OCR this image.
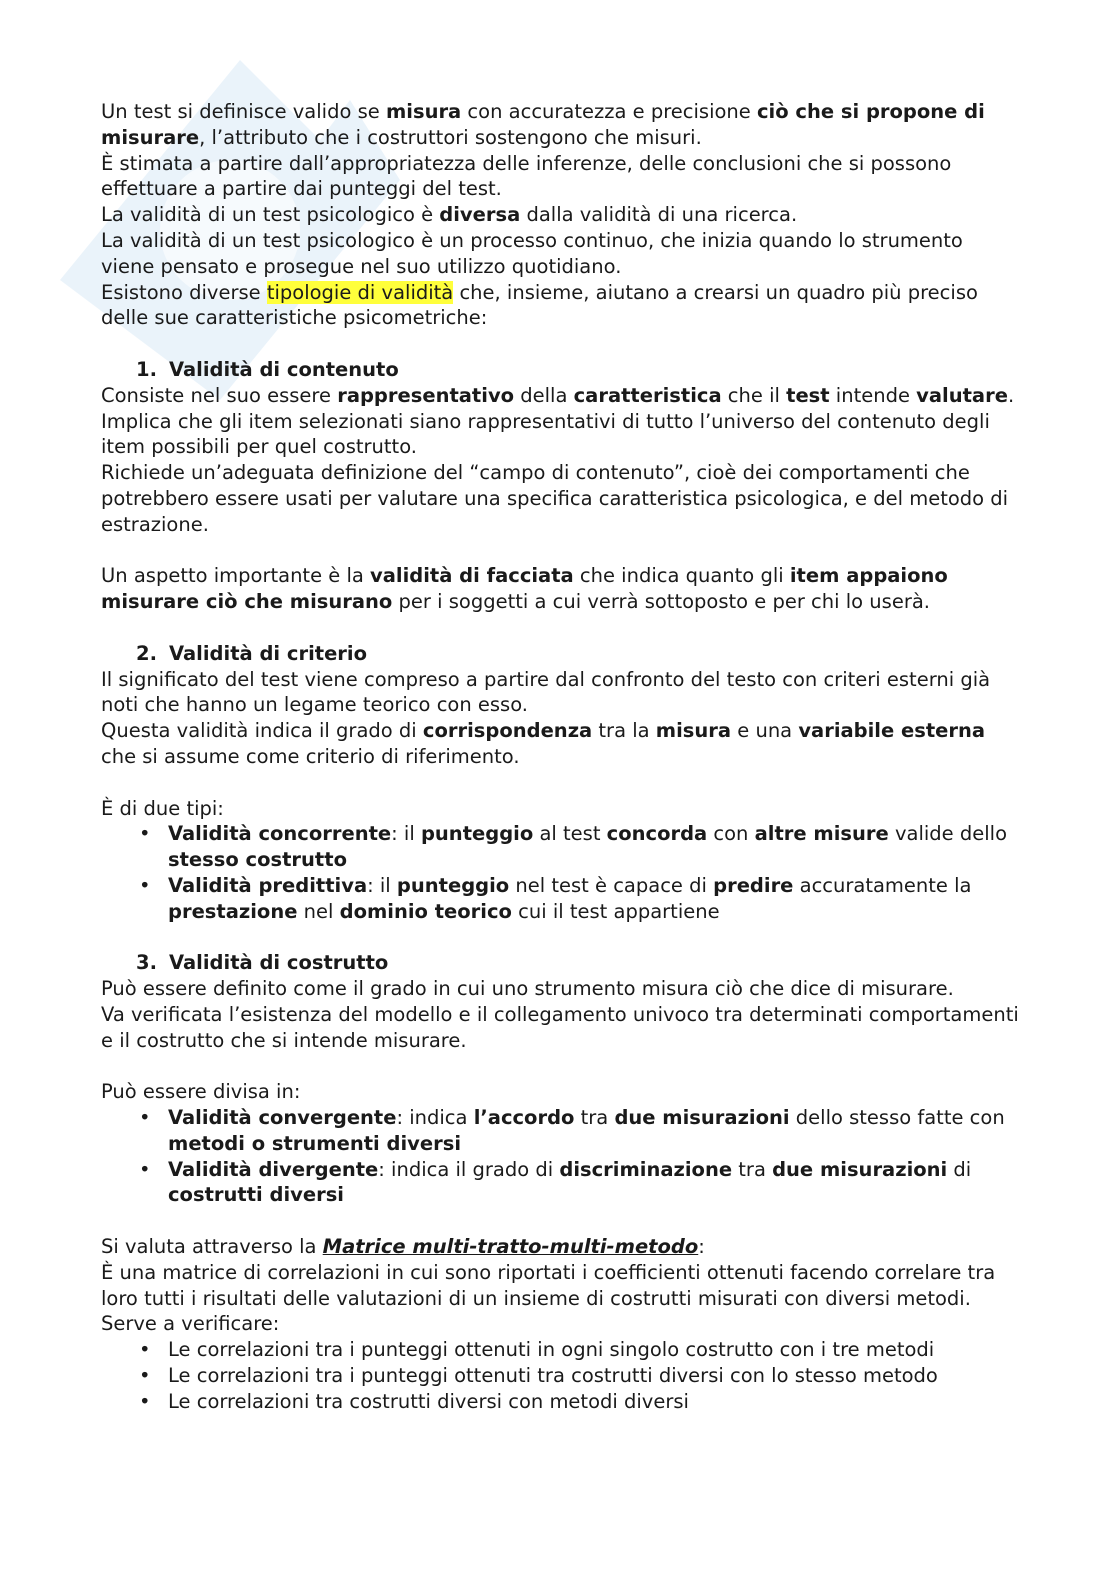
Un test si definisce valido se misura con accuratezza e precisione ciò che si propone di misurare, l’attributo che i costruttori sostengono che misuri.

È stimata a partire dall’appropriatezza delle inferenze, delle conclusioni che si possono effettuare a partire dai punteggi del test.

La validità di un test psicologico è diversa dalla validità di una ricerca.

La validità di un test psicologico è un processo continuo, che inizia quando lo strumento viene pensato e prosegue nel suo utilizzo quotidiano.

Esistono diverse tipologie di validità che, insieme, aiutano a crearsi un quadro più preciso delle sue caratteristiche psicometriche:

1. Validità di contenuto

Consiste nel suo essere rappresentativo della caratteristica che il test intende valutare.

Implica che gli item selezionati siano rappresentativi di tutto l’universo del contenuto degli item possibili per quel costrutto.

Richiede un’adeguata definizione del “campo di contenuto”, cioè dei comportamenti che potrebbero essere usati per valutare una specifica caratteristica psicologica, e del metodo di estrazione.

Un aspetto importante è la validità di facciata che indica quanto gli item appaiono misurare ciò che misurano per i soggetti a cui verrà sottoposto e per chi lo userà.

2. Validità di criterio

Il significato del test viene compreso a partire dal confronto del testo con criteri esterni già noti che hanno un legame teorico con esso.

Questa validità indica il grado di corrispondenza tra la misura e una variabile esterna che si assume come criterio di riferimento.

È di due tipi:

• Validità concorrente: il punteggio al test concorda con altre misure valide dello stesso costrutto
• Validità predittiva: il punteggio nel test è capace di predire accuratamente la prestazione nel dominio teorico cui il test appartiene

3. Validità di costrutto

Può essere definito come il grado in cui uno strumento misura ciò che dice di misurare.

Va verificata l’esistenza del modello e il collegamento univoco tra determinati comportamenti e il costrutto che si intende misurare.

Può essere divisa in:

• Validità convergente: indica l’accordo tra due misurazioni dello stesso fatte con metodi o strumenti diversi
• Validità divergente: indica il grado di discriminazione tra due misurazioni di costrutti diversi

Si valuta attraverso la Matrice multi-tratto-multi-metodo:

È una matrice di correlazioni in cui sono riportati i coefficienti ottenuti facendo correlare tra loro tutti i risultati delle valutazioni di un insieme di costrutti misurati con diversi metodi.

Serve a verificare:

• Le correlazioni tra i punteggi ottenuti in ogni singolo costrutto con i tre metodi
• Le correlazioni tra i punteggi ottenuti tra costrutti diversi con lo stesso metodo
• Le correlazioni tra costrutti diversi con metodi diversi
